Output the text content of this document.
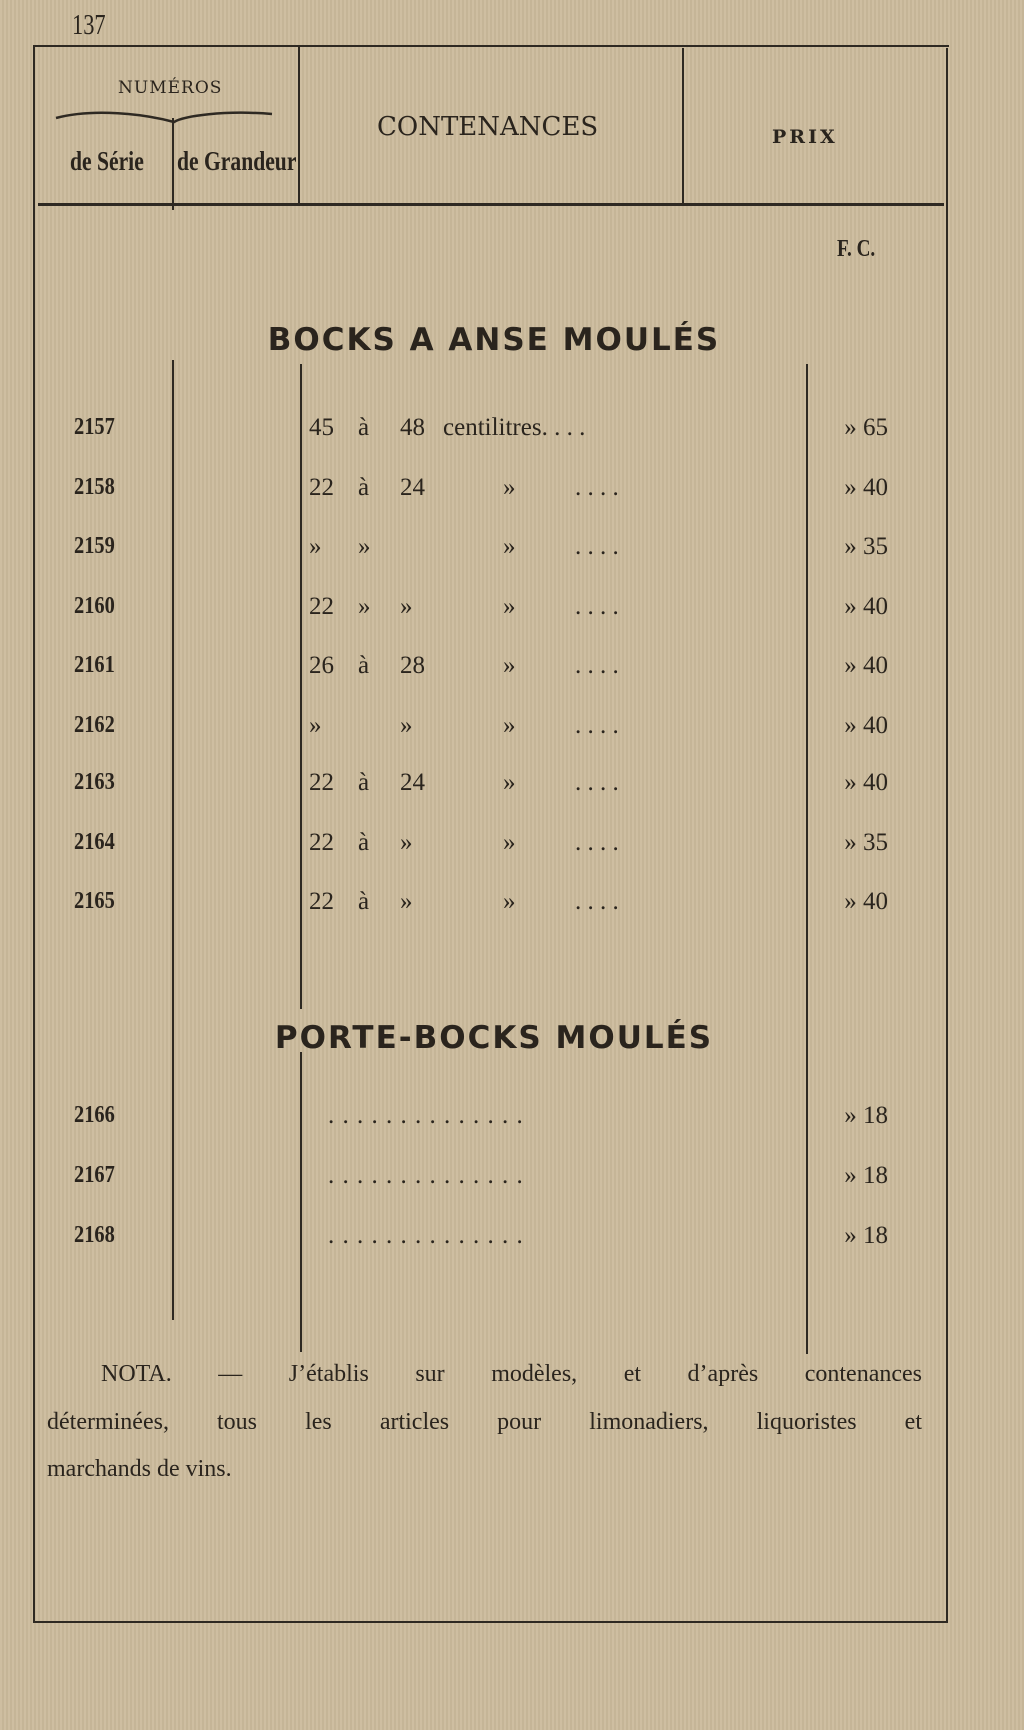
137
NUMÉROS
de Série de Grandeur
CONTENANCES	PRIX
F. C.
BOCKS A ANSE MOULÉS
2157	45 à 48 centilitres. . . .	» 65
2158	22 à 24	» . . . .	» 40
2159	» »	» . . . .	» 35
2160	22 » »	» . . . .	» 40
2161	26 à 28	» . . . .	» 40
2162	»	»	» . . . .	» 40
2163	22 à 24	» . . . .	» 40
2164	22 à »	» . . . .	» 35
2165	22 à »	» . . . .	» 40
PORTE-BOCKS MOULÉS
2166	. . . . . . . . . . . . . .	» 18
2167	. . . . . . . . . . . . . .	» 18
2168	. . . . . . . . . . . . . .	» 18
NOTA. — J’établis sur modèles, et d’après contenances
déterminées, tous les articles pour limonadiers, liquoristes et
marchands de vins.
